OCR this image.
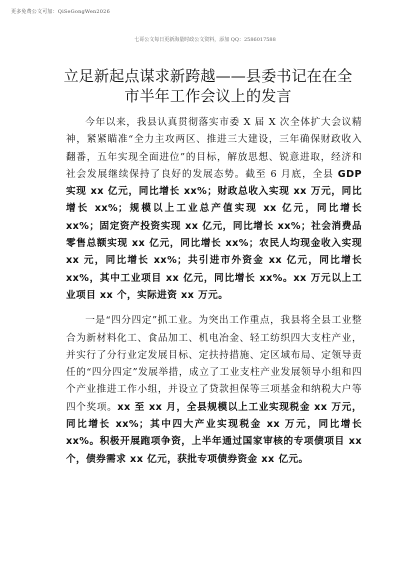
更多免费公文可加：QiSeGongWen2026
七哥公文每日更新海量时政公文资料，添加 QQ：2586017588
立足新起点谋求新跨越——县委书记在在全市半年工作会议上的发言

今年以来，我县认真贯彻落实市委 X 届 X 次全体扩大会议精神，紧紧瞄准“全力主攻两区、推进三大建设，三年确保财政收入翻番，五年实现全面进位”的目标，解放思想、锐意进取，经济和社会发展继续保持了良好的发展态势。截至 6 月底，全县 GDP 实现 xx 亿元，同比增长 xx%；财政总收入实现 xx 万元，同比增长 xx%；规模以上工业总产值实现 xx 亿元，同比增长 xx%；固定资产投资实现 xx 亿元，同比增长 xx%；社会消费品零售总额实现 xx 亿元，同比增长 xx%；农民人均现金收入实现 xx 元，同比增长 xx%；共引进市外资金 xx 亿元，同比增长 xx%，其中工业项目 xx 亿元，同比增长 xx%。xx 万元以上工业项目 xx 个，实际进资 xx 万元。

一是“四分四定”抓工业。为突出工作重点，我县将全县工业整合为新材料化工、食品加工、机电冶金、轻工纺织四大支柱产业，并实行了分行业定发展目标、定扶持措施、定区域布局、定领导责任的“四分四定”发展举措，成立了工业支柱产业发展领导小组和四个产业推进工作小组，并设立了贷款担保等三项基金和纳税大户等四个奖项。xx 至 xx 月，全县规模以上工业实现税金 xx 万元，同比增长 xx%；其中四大产业实现税金 xx 万元，同比增长 xx%。积极开展跑项争资，上半年通过国家审核的专项债项目 xx 个，债券需求 xx 亿元，获批专项债券资金 xx 亿元。
